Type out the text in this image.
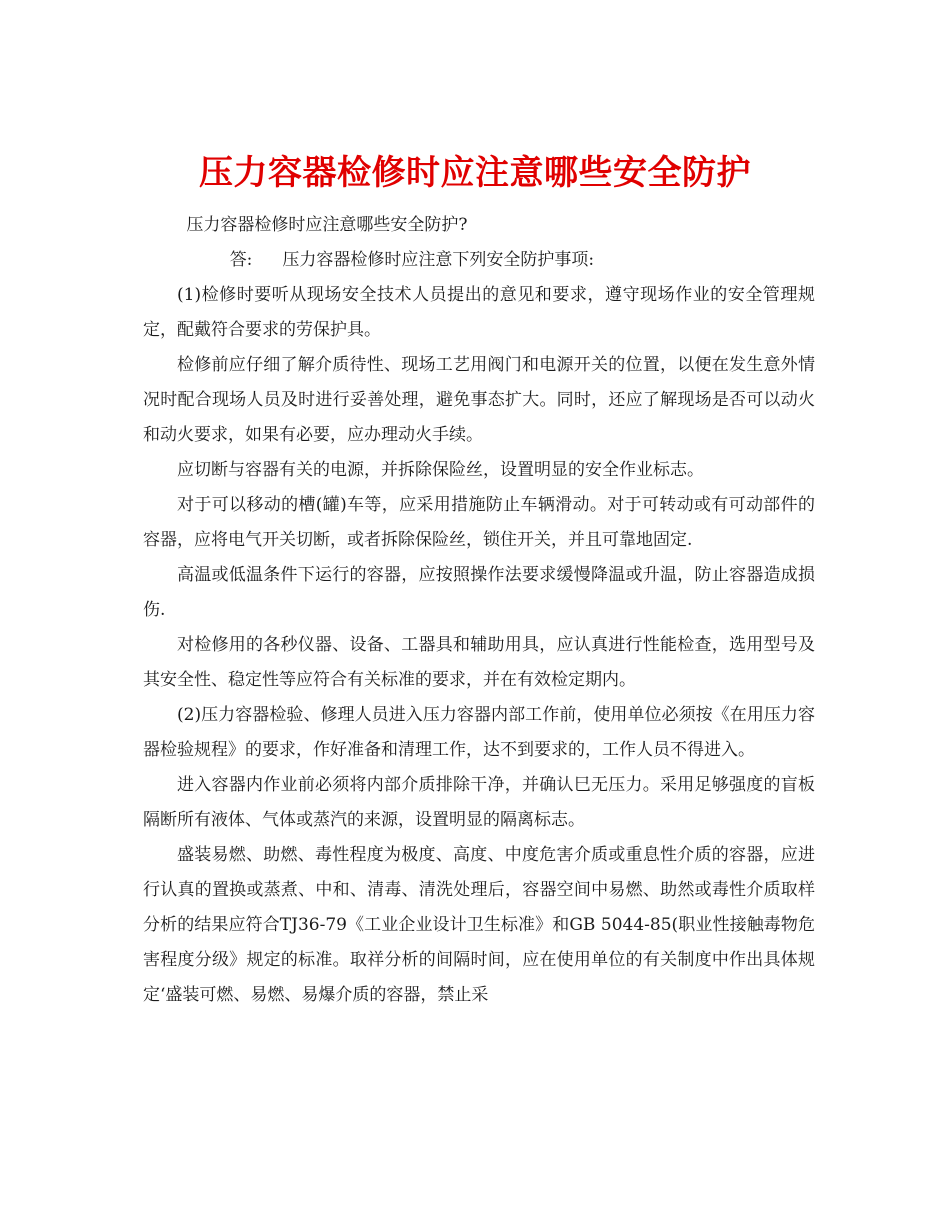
压力容器检修时应注意哪些安全防护

压力容器检修时应注意哪些安全防护?

答: 压力容器检修时应注意下列安全防护事项:

(1)检修时要听从现场安全技术人员提出的意见和要求，遵守现场作业的安全管理规定，配戴符合要求的劳保护具。

检修前应仔细了解介质待性、现场工艺用阀门和电源开关的位置，以便在发生意外情况时配合现场人员及时进行妥善处理，避免事态扩大。同时，还应了解现场是否可以动火和动火要求，如果有必要，应办理动火手续。

应切断与容器有关的电源，并拆除保险丝，设置明显的安全作业标志。

对于可以移动的槽(罐)车等，应采用措施防止车辆滑动。对于可转动或有可动部件的容器，应将电气开关切断，或者拆除保险丝，锁住开关，并且可靠地固定.

高温或低温条件下运行的容器，应按照操作法要求缓慢降温或升温，防止容器造成损伤.

对检修用的各秒仪器、设备、工器具和辅助用具，应认真进行性能检查，选用型号及其安全性、稳定性等应符合有关标准的要求，并在有效检定期内。

(2)压力容器检验、修理人员进入压力容器内部工作前，使用单位必须按《在用压力容器检验规程》的要求，作好准备和清理工作，达不到要求的，工作人员不得进入。

进入容器内作业前必须将内部介质排除干净，并确认巳无压力。采用足够强度的盲板隔断所有液体、气体或蒸汽的来源，设置明显的隔离标志。

盛装易燃、助燃、毒性程度为极度、高度、中度危害介质或重息性介质的容器，应进行认真的置换或蒸煮、中和、清毒、清洗处理后，容器空间中易燃、助然或毒性介质取样分析的结果应符合TJ36-79《工业企业设计卫生标准》和GB 5044-85(职业性接触毒物危害程度分级》规定的标准。取祥分析的间隔时间，应在使用单位的有关制度中作出具体规定‘盛装可燃、易燃、易爆介质的容器，禁止采
